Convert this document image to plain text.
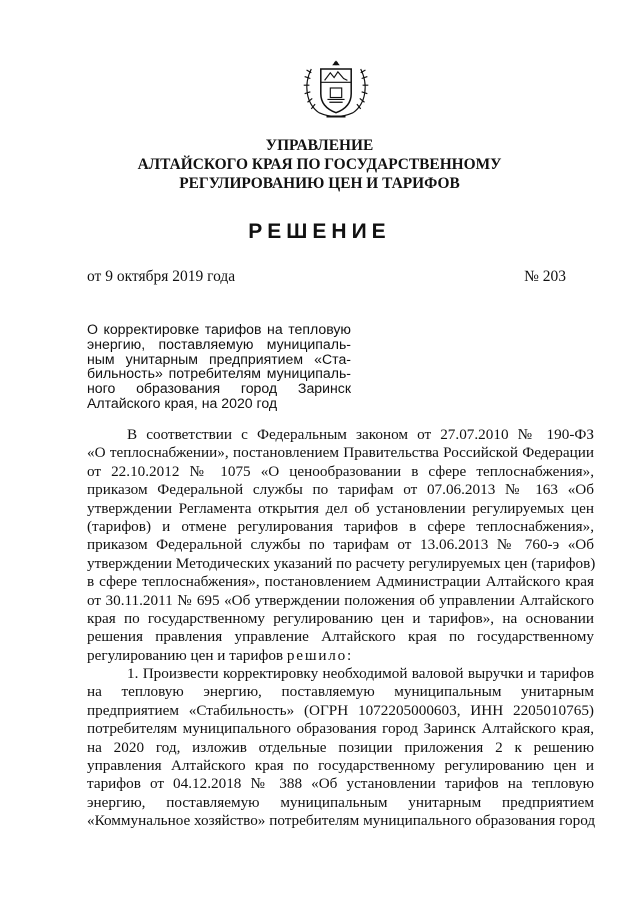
УПРАВЛЕНИЕ
АЛТАЙСКОГО КРАЯ ПО ГОСУДАРСТВЕННОМУ
РЕГУЛИРОВАНИЮ ЦЕН И ТАРИФОВ
РЕШЕНИЕ
от 9 октября 2019 года	№ 203
О корректировке тарифов на тепловую
энергию, поставляемую муниципаль-
ным унитарным предприятием «Ста-
бильность» потребителям муниципаль-
ного образования город Заринск
Алтайского края, на 2020 год
В соответствии с Федеральным законом от 27.07.2010 № 190-ФЗ
«О теплоснабжении», постановлением Правительства Российской Федерации
от 22.10.2012 № 1075 «О ценообразовании в сфере теплоснабжения»,
приказом Федеральной службы по тарифам от 07.06.2013 № 163 «Об
утверждении Регламента открытия дел об установлении регулируемых цен
(тарифов) и отмене регулирования тарифов в сфере теплоснабжения»,
приказом Федеральной службы по тарифам от 13.06.2013 № 760-э «Об
утверждении Методических указаний по расчету регулируемых цен (тарифов)
в сфере теплоснабжения», постановлением Администрации Алтайского края
от 30.11.2011 № 695 «Об утверждении положения об управлении Алтайского
края по государственному регулированию цен и тарифов», на основании
решения правления управление Алтайского края по государственному
регулированию цен и тарифов решило:
1. Произвести корректировку необходимой валовой выручки и тарифов
на тепловую энергию, поставляемую муниципальным унитарным
предприятием «Стабильность» (ОГРН 1072205000603, ИНН 2205010765)
потребителям муниципального образования город Заринск Алтайского края,
на 2020 год, изложив отдельные позиции приложения 2 к решению
управления Алтайского края по государственному регулированию цен и
тарифов от 04.12.2018 № 388 «Об установлении тарифов на тепловую
энергию, поставляемую муниципальным унитарным предприятием
«Коммунальное хозяйство» потребителям муниципального образования город
